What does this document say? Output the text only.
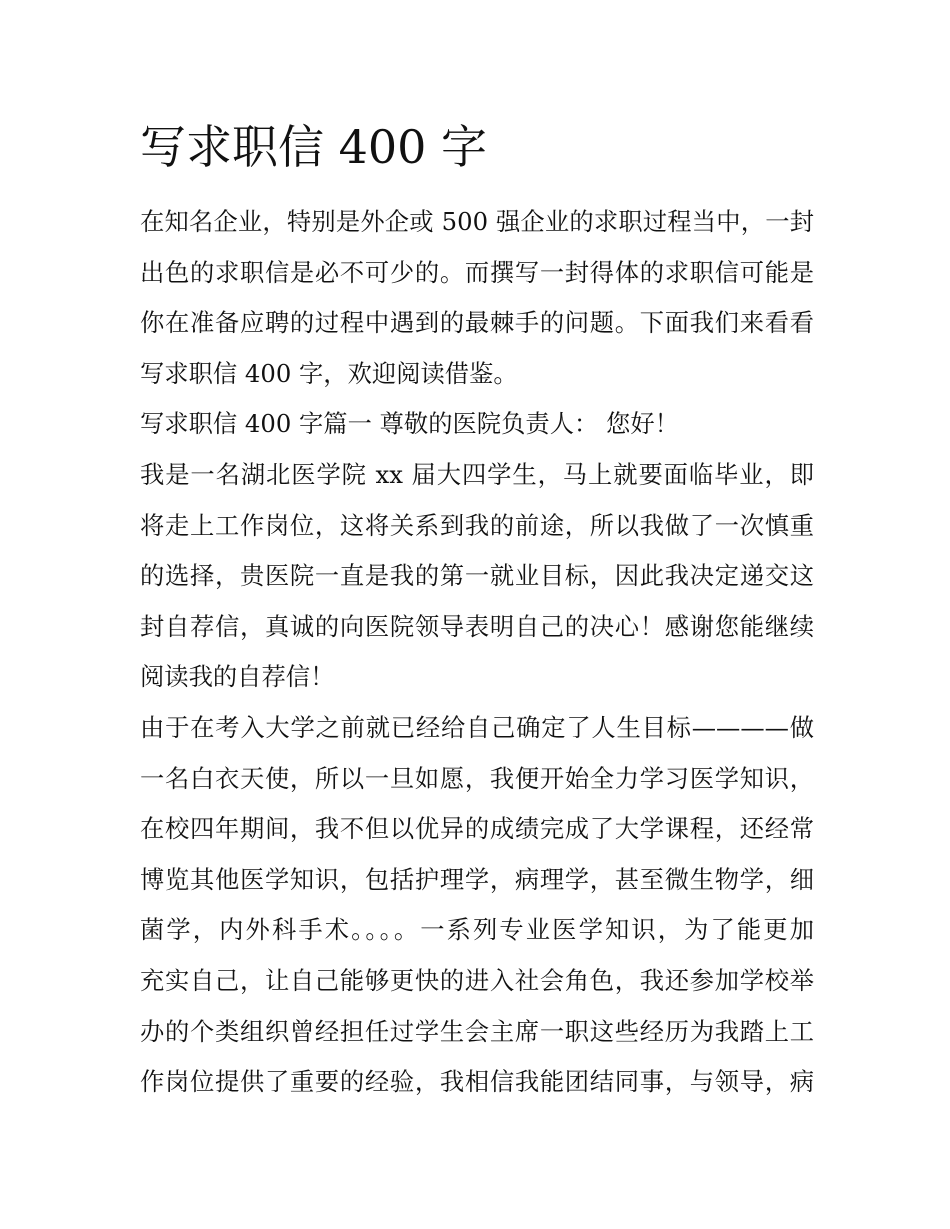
写求职信 400 字
在知名企业，特别是外企或 500 强企业的求职过程当中，一封
出色的求职信是必不可少的。而撰写一封得体的求职信可能是
你在准备应聘的过程中遇到的最棘手的问题。下面我们来看看
写求职信 400 字，欢迎阅读借鉴。
写求职信 400 字篇一 尊敬的医院负责人： 您好！
我是一名湖北医学院 xx 届大四学生，马上就要面临毕业，即
将走上工作岗位，这将关系到我的前途，所以我做了一次慎重
的选择，贵医院一直是我的第一就业目标，因此我决定递交这
封自荐信，真诚的向医院领导表明自己的决心！感谢您能继续
阅读我的自荐信！
由于在考入大学之前就已经给自己确定了人生目标————做
一名白衣天使，所以一旦如愿，我便开始全力学习医学知识，
在校四年期间，我不但以优异的成绩完成了大学课程，还经常
博览其他医学知识，包括护理学，病理学，甚至微生物学，细
菌学，内外科手术。。。。一系列专业医学知识，为了能更加
充实自己，让自己能够更快的进入社会角色，我还参加学校举
办的个类组织曾经担任过学生会主席一职这些经历为我踏上工
作岗位提供了重要的经验，我相信我能团结同事，与领导，病
